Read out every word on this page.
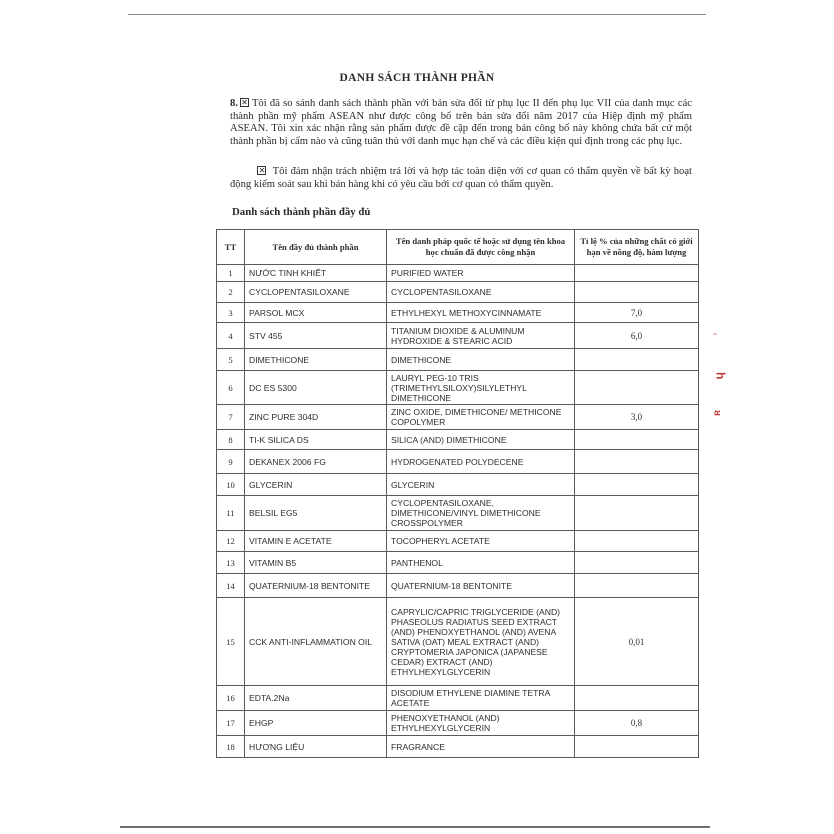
DANH SÁCH THÀNH PHẦN
8. ✕ Tôi đã so sánh danh sách thành phần với bản sửa đổi từ phụ lục II đến phụ lục VII của danh mục các thành phần mỹ phẩm ASEAN như được công bố trên bản sửa đổi năm 2017 của Hiệp định mỹ phẩm ASEAN. Tôi xin xác nhận rằng sản phẩm được đề cập đến trong bản công bố này không chứa bất cứ một thành phần bị cấm nào và cũng tuân thủ với danh mục hạn chế và các điều kiện qui định trong các phụ lục.
✕ Tôi đảm nhận trách nhiệm trả lời và hợp tác toàn diện với cơ quan có thẩm quyền về bất kỳ hoạt động kiểm soát sau khi bán hàng khi có yêu cầu bởi cơ quan có thẩm quyền.
Danh sách thành phần đầy đủ
TT	Tên đầy đủ thành phần	Tên danh pháp quốc tế hoặc sử dụng tên khoa học chuẩn đã được công nhận	Tỉ lệ % của những chất có giới hạn về nồng độ, hàm lượng
1	NƯỚC TINH KHIẾT	PURIFIED WATER	
2	CYCLOPENTASILOXANE	CYCLOPENTASILOXANE	
3	PARSOL MCX	ETHYLHEXYL METHOXYCINNAMATE	7,0
4	STV 455	TITANIUM DIOXIDE & ALUMINUM HYDROXIDE & STEARIC ACID	6,0
5	DIMETHICONE	DIMETHICONE	
6	DC ES 5300	LAURYL PEG-10 TRIS (TRIMETHYLSILOXY)SILYLETHYL DIMETHICONE	
7	ZINC PURE 304D	ZINC OXIDE, DIMETHICONE/ METHICONE COPOLYMER	3,0
8	TI-K SILICA DS	SILICA (AND) DIMETHICONE	
9	DEKANEX 2006 FG	HYDROGENATED POLYDECENE	
10	GLYCERIN	GLYCERIN	
11	BELSIL EG5	CYCLOPENTASILOXANE, DIMETHICONE/VINYL DIMETHICONE CROSSPOLYMER	
12	VITAMIN E ACETATE	TOCOPHERYL ACETATE	
13	VITAMIN B5	PANTHENOL	
14	QUATERNIUM-18 BENTONITE	QUATERNIUM-18 BENTONITE	
15	CCK ANTI-INFLAMMATION OIL	CAPRYLIC/CAPRIC TRIGLYCERIDE (AND) PHASEOLUS RADIATUS SEED EXTRACT (AND) PHENOXYETHANOL (AND) AVENA SATIVA (OAT) MEAL EXTRACT (AND) CRYPTOMERIA JAPONICA (JAPANESE CEDAR) EXTRACT (AND) ETHYLHEXYLGLYCERIN	0,01
16	EDTA.2Na	DISODIUM ETHYLENE DIAMINE TETRA ACETATE	
17	EHGP	PHENOXYETHANOL (AND) ETHYLHEXYLGLYCERIN	0,8
18	HƯƠNG LIỆU	FRAGRANCE	
ı
ɥ
ʀ
